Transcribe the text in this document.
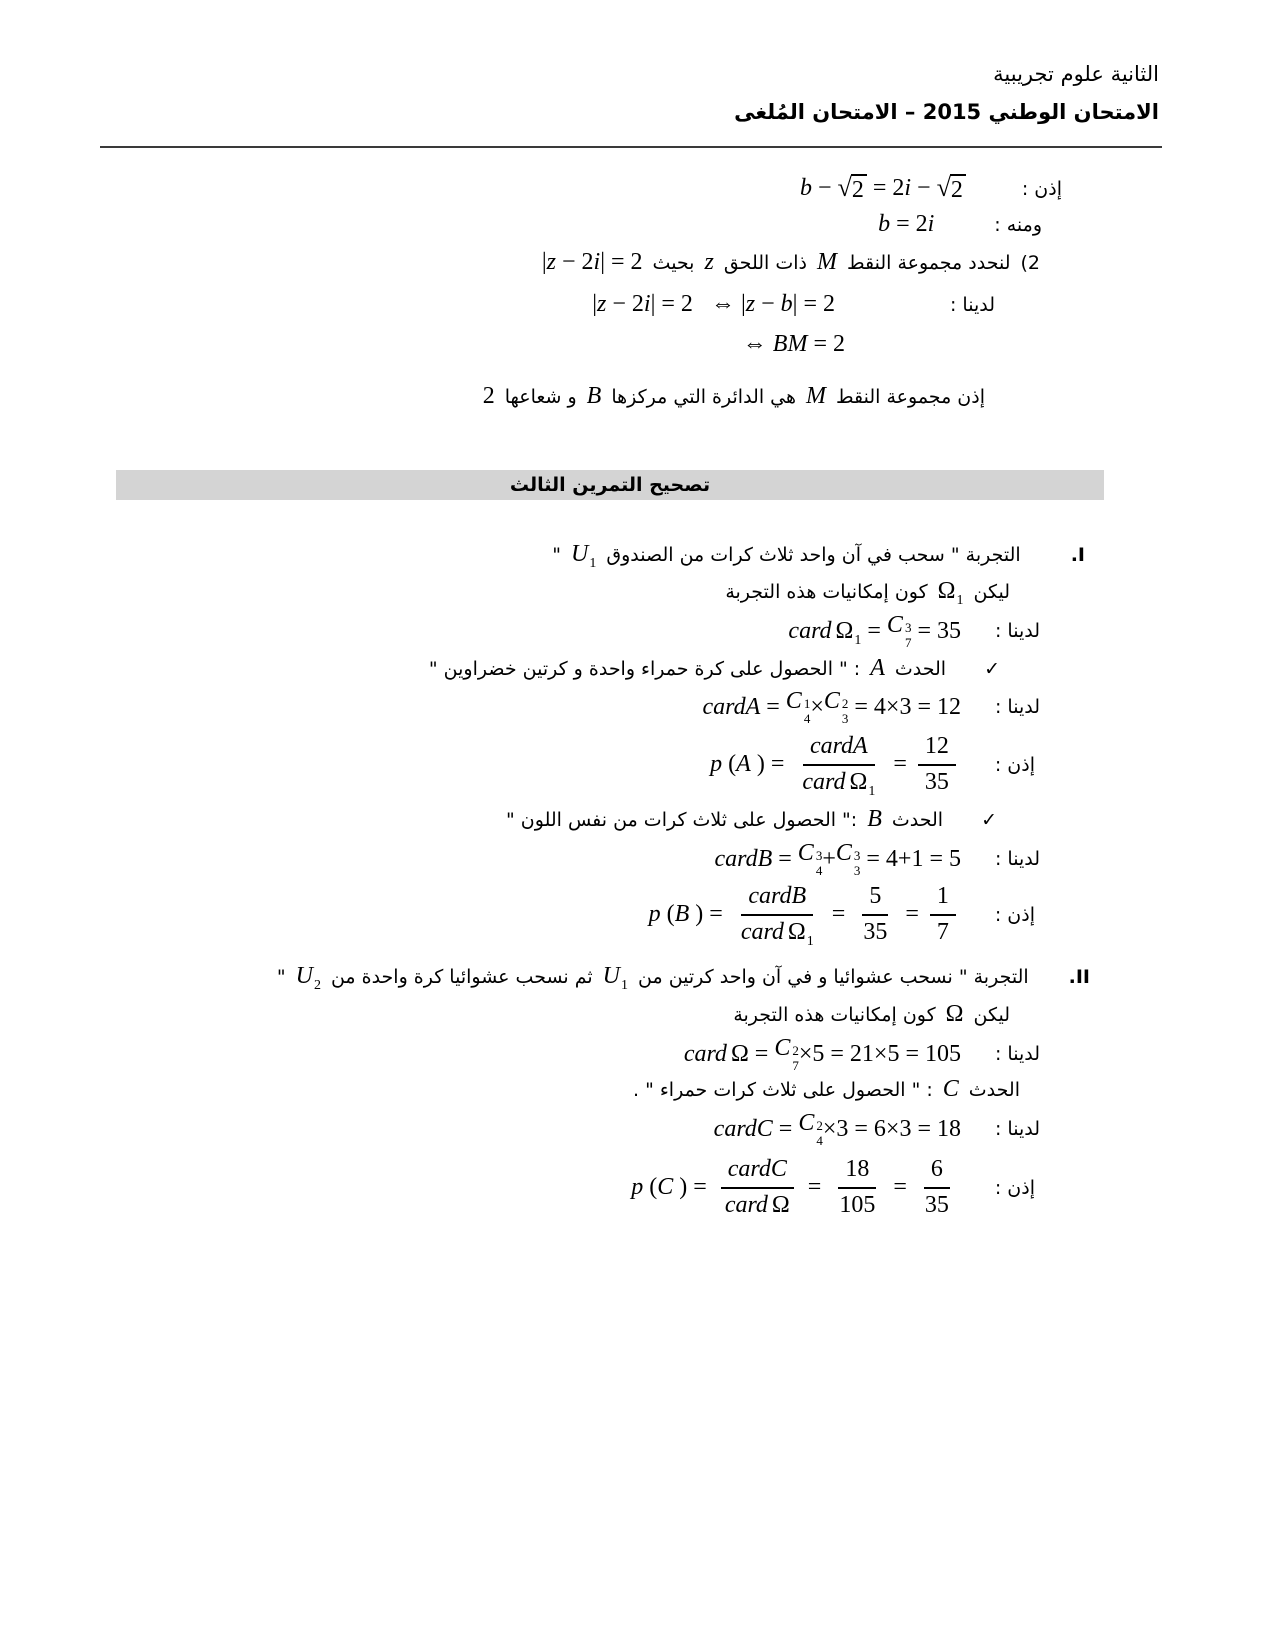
الثانية علوم تجريبية
الامتحان الوطني 2015 – الامتحان المُلغى
إذن :
b − √ 2 = 2 i − √ 2
ومنه :
b = 2 i
2)
لنحدد مجموعة النقط
M
ذات اللحق
z
بحيث
| z − 2 i | = 2
لدينا :
| z − 2 i | = 2 ⇔ | z − b | = 2
⇔ BM = 2
إذن مجموعة النقط
M
هي الدائرة التي مركزها
B
و شعاعها
2
تصحيح التمرين الثالث
I.
التجربة " سحب في آن واحد ثلاث كرات من الصندوق
U 1
"
ليكن
Ω 1
كون إمكانيات هذه التجربة
لدينا :
card Ω 1 = C 3
7 = 35
✓
الحدث
A
: " الحصول على كرة حمراء واحدة و كرتين خضراوين "
لدينا :
cardA = C 1
4 × C 2
3 = 4×3 = 12
إذن :
p ( A ) = $\frac{\text{cardA}}{\text{card Ω 1}} = \frac{12}{35}$
✓
الحدث
B
:" الحصول على ثلاث كرات من نفس اللون "
لدينا :
cardB = C 3
4 + C 3
3 = 4+1 = 5
إذن :
p ( B ) = $\frac{\text{cardB}}{\text{card Ω 1}} = \frac{5}{35} = \frac{1}{7}$
II.
التجربة " نسحب عشوائيا و في آن واحد كرتين من
U 1
ثم نسحب عشوائيا كرة واحدة من
U 2
"
ليكن
Ω
كون إمكانيات هذه التجربة
لدينا :
card Ω = C 2
7 ×5 = 21×5 = 105
الحدث
C
: " الحصول على ثلاث كرات حمراء " .
لدينا :
cardC = C 2
4 ×3 = 6×3 = 18
إذن :
p ( C ) = $\frac{\text{cardC}}{\text{card Ω}} = \frac{18}{105} = \frac{6}{35}$
